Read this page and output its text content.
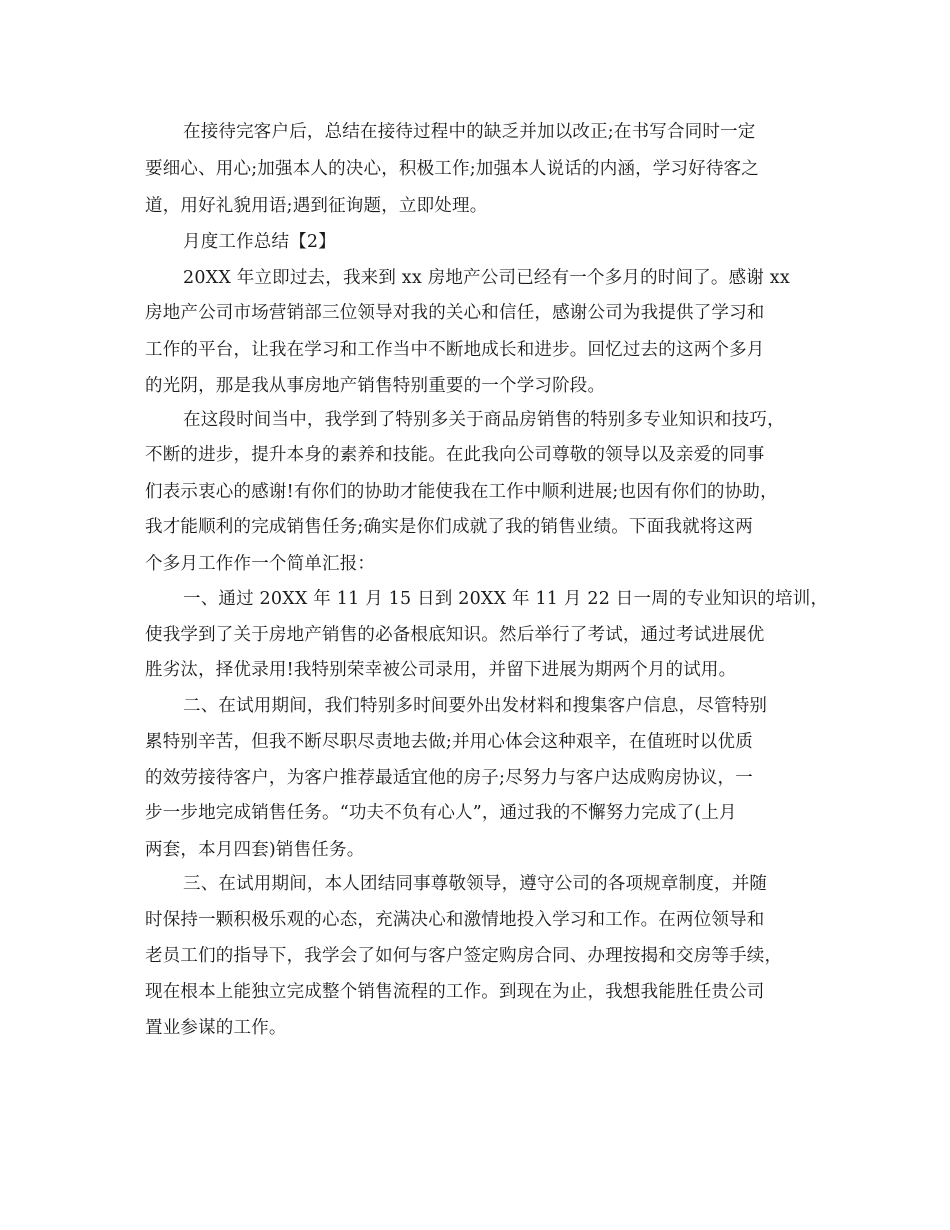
在接待完客户后，总结在接待过程中的缺乏并加以改正;在书写合同时一定
要细心、用心;加强本人的决心，积极工作;加强本人说话的内涵，学习好待客之
道，用好礼貌用语;遇到征询题，立即处理。
月度工作总结【2】
20XX 年立即过去，我来到 xx 房地产公司已经有一个多月的时间了。感谢 xx
房地产公司市场营销部三位领导对我的关心和信任，感谢公司为我提供了学习和
工作的平台，让我在学习和工作当中不断地成长和进步。回忆过去的这两个多月
的光阴，那是我从事房地产销售特别重要的一个学习阶段。
在这段时间当中，我学到了特别多关于商品房销售的特别多专业知识和技巧，
不断的进步，提升本身的素养和技能。在此我向公司尊敬的领导以及亲爱的同事
们表示衷心的感谢!有你们的协助才能使我在工作中顺利进展;也因有你们的协助，
我才能顺利的完成销售任务;确实是你们成就了我的销售业绩。下面我就将这两
个多月工作作一个简单汇报：
一、通过 20XX 年 11 月 15 日到 20XX 年 11 月 22 日一周的专业知识的培训，
使我学到了关于房地产销售的必备根底知识。然后举行了考试，通过考试进展优
胜劣汰，择优录用!我特别荣幸被公司录用，并留下进展为期两个月的试用。
二、在试用期间，我们特别多时间要外出发材料和搜集客户信息，尽管特别
累特别辛苦，但我不断尽职尽责地去做;并用心体会这种艰辛，在值班时以优质
的效劳接待客户，为客户推荐最适宜他的房子;尽努力与客户达成购房协议，一
步一步地完成销售任务。“功夫不负有心人”，通过我的不懈努力完成了(上月
两套，本月四套)销售任务。
三、在试用期间，本人团结同事尊敬领导，遵守公司的各项规章制度，并随
时保持一颗积极乐观的心态，充满决心和激情地投入学习和工作。在两位领导和
老员工们的指导下，我学会了如何与客户签定购房合同、办理按揭和交房等手续，
现在根本上能独立完成整个销售流程的工作。到现在为止，我想我能胜任贵公司
置业参谋的工作。
